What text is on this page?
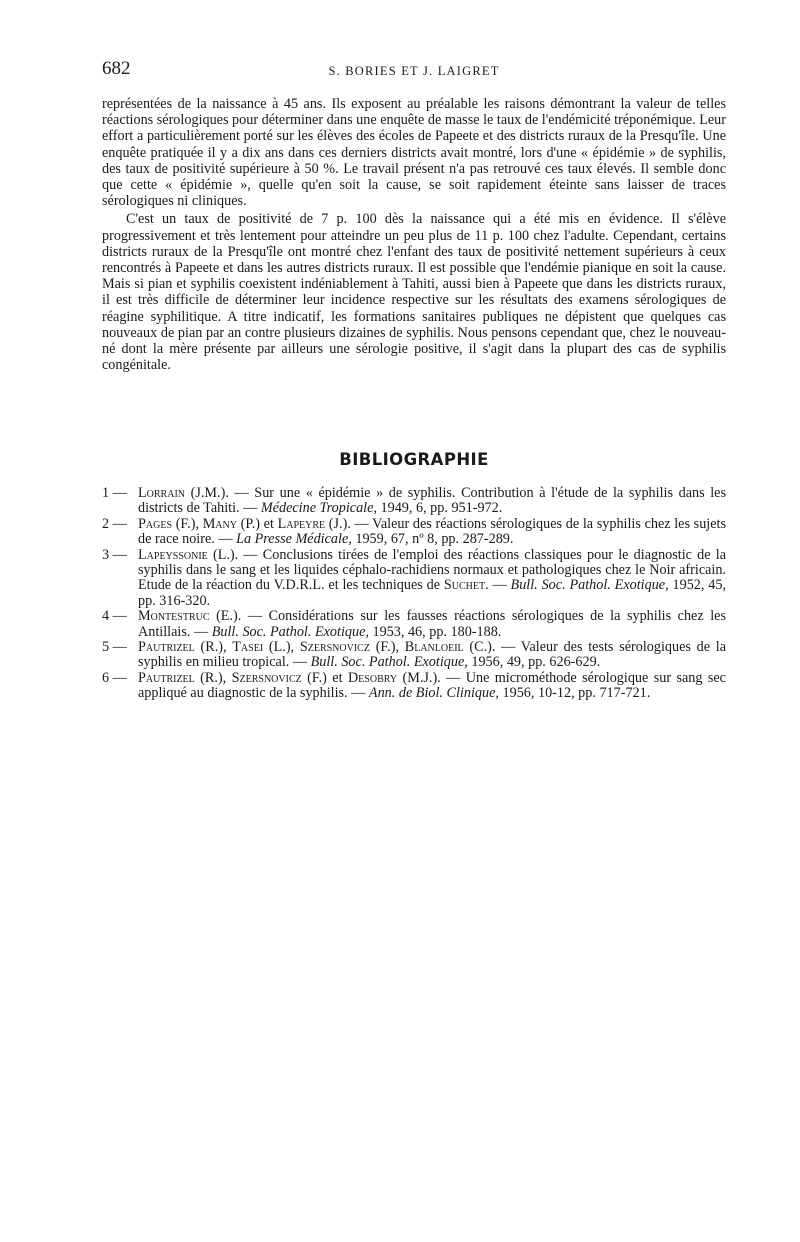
682	S. BORIES ET J. LAIGRET

représentées de la naissance à 45 ans. Ils exposent au préalable les raisons démontrant la valeur de telles réactions sérologiques pour déterminer dans une enquête de masse le taux de l'endémicité tréponémique. Leur effort a particulièrement porté sur les élèves des écoles de Papeete et des districts ruraux de la Presqu'île. Une enquête pratiquée il y a dix ans dans ces derniers districts avait montré, lors d'une « épidémie » de syphilis, des taux de positivité supérieure à 50 %. Le travail présent n'a pas retrouvé ces taux élevés. Il semble donc que cette « épidémie », quelle qu'en soit la cause, se soit rapidement éteinte sans laisser de traces sérologiques ni cliniques.

C'est un taux de positivité de 7 p. 100 dès la naissance qui a été mis en évidence. Il s'élève progressivement et très lentement pour atteindre un peu plus de 11 p. 100 chez l'adulte. Cependant, certains districts ruraux de la Presqu'île ont montré chez l'enfant des taux de positivité nettement supérieurs à ceux rencontrés à Papeete et dans les autres districts ruraux. Il est possible que l'endémie pianique en soit la cause. Mais si pian et syphilis coexistent indéniablement à Tahiti, aussi bien à Papeete que dans les districts ruraux, il est très difficile de déterminer leur incidence respective sur les résultats des examens sérologiques de réagine syphilitique. A titre indicatif, les formations sanitaires publiques ne dépistent que quelques cas nouveaux de pian par an contre plusieurs dizaines de syphilis. Nous pensons cependant que, chez le nouveau-né dont la mère présente par ailleurs une sérologie positive, il s'agit dans la plupart des cas de syphilis congénitale.

BIBLIOGRAPHIE
1 — Lorrain (J.M.). — Sur une « épidémie » de syphilis. Contribution à l'étude de la syphilis dans les districts de Tahiti. — Médecine Tropicale, 1949, 6, pp. 951-972.
2 — Pages (F.), Many (P.) et Lapeyre (J.). — Valeur des réactions sérologiques de la syphilis chez les sujets de race noire. — La Presse Médicale, 1959, 67, nº 8, pp. 287-289.
3 — Lapeyssonie (L.). — Conclusions tirées de l'emploi des réactions classiques pour le diagnostic de la syphilis dans le sang et les liquides céphalo-rachidiens normaux et pathologiques chez le Noir africain. Etude de la réaction du V.D.R.L. et les techniques de Suchet. — Bull. Soc. Pathol. Exotique, 1952, 45, pp. 316-320.
4 — Montestruc (E.). — Considérations sur les fausses réactions sérologiques de la syphilis chez les Antillais. — Bull. Soc. Pathol. Exotique, 1953, 46, pp. 180-188.
5 — Pautrizel (R.), Tasei (L.), Szersnovicz (F.), Blanloeil (C.). — Valeur des tests sérologiques de la syphilis en milieu tropical. — Bull. Soc. Pathol. Exotique, 1956, 49, pp. 626-629.
6 — Pautrizel (R.), Szersnovicz (F.) et Desobry (M.J.). — Une microméthode sérologique sur sang sec appliqué au diagnostic de la syphilis. — Ann. de Biol. Clinique, 1956, 10-12, pp. 717-721.
